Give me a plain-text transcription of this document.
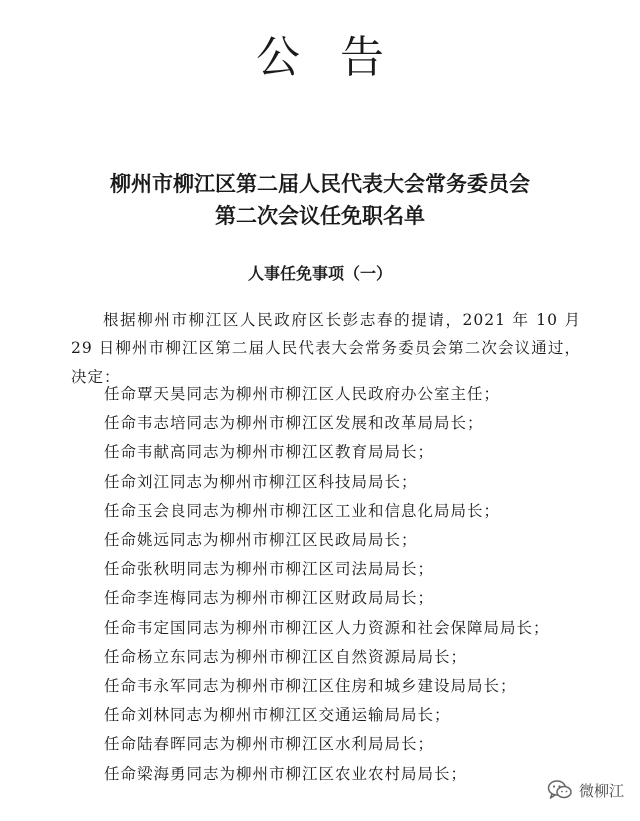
公告
柳州市柳江区第二届人民代表大会常务委员会
第二次会议任免职名单
人事任免事项（一）

根据柳州市柳江区人民政府区长彭志春的提请，2021 年 10 月 29 日柳州市柳江区第二届人民代表大会常务委员会第二次会议通过，决定：

任命覃天昊同志为柳州市柳江区人民政府办公室主任；
任命韦志培同志为柳州市柳江区发展和改革局局长；
任命韦献高同志为柳州市柳江区教育局局长；
任命刘江同志为柳州市柳江区科技局局长；
任命玉会良同志为柳州市柳江区工业和信息化局局长；
任命姚远同志为柳州市柳江区民政局局长；
任命张秋明同志为柳州市柳江区司法局局长；
任命李连梅同志为柳州市柳江区财政局局长；
任命韦定国同志为柳州市柳江区人力资源和社会保障局局长；
任命杨立东同志为柳州市柳江区自然资源局局长；
任命韦永军同志为柳州市柳江区住房和城乡建设局局长；
任命刘林同志为柳州市柳江区交通运输局局长；
任命陆春晖同志为柳州市柳江区水利局局长；
任命梁海勇同志为柳州市柳江区农业农村局局长；
微柳江
